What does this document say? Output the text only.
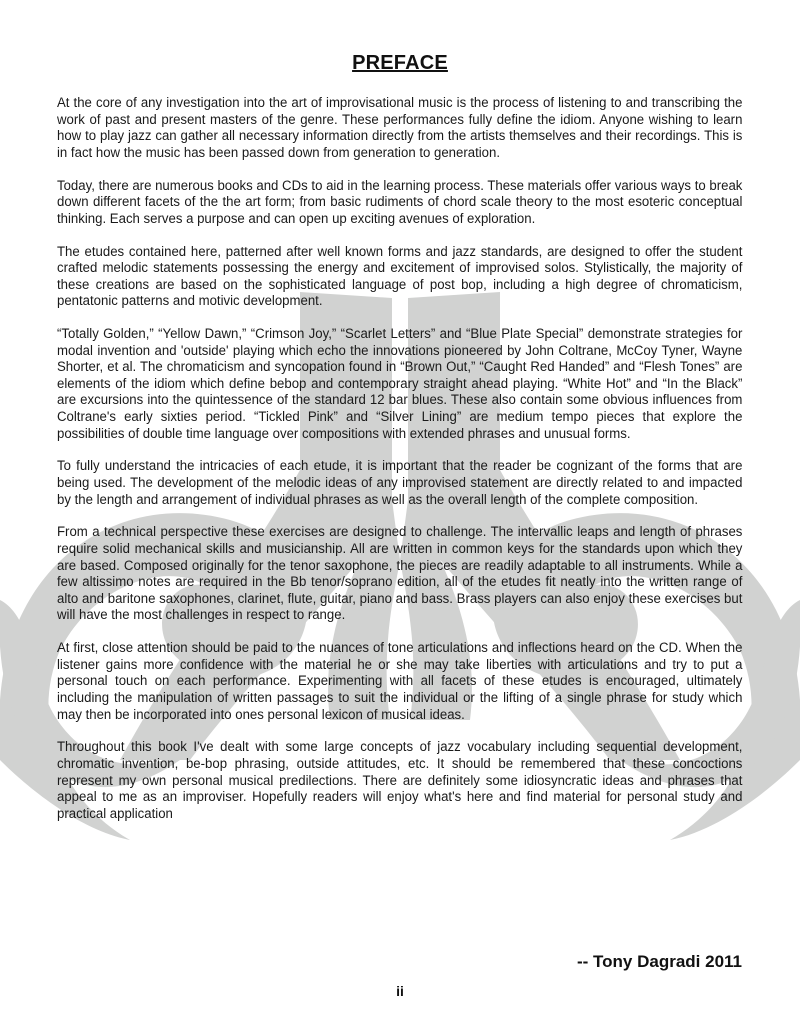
PREFACE

At the core of any investigation into the art of improvisational music is the process of listening to and transcribing the work of past and present masters of the genre. These performances fully define the idiom. Anyone wishing to learn how to play jazz can gather all necessary information directly from the artists themselves and their recordings. This is in fact how the music has been passed down from generation to generation.

Today, there are numerous books and CDs to aid in the learning process. These materials offer various ways to break down different facets of the the art form; from basic rudiments of chord scale theory to the most esoteric conceptual thinking. Each serves a purpose and can open up exciting avenues of exploration.

The etudes contained here, patterned after well known forms and jazz standards, are designed to offer the student crafted melodic statements possessing the energy and excitement of improvised solos. Stylistically, the majority of these creations are based on the sophisticated language of post bop, including a high degree of chromaticism, pentatonic patterns and motivic development.

“Totally Golden,” “Yellow Dawn,” “Crimson Joy,” “Scarlet Letters” and “Blue Plate Special” demonstrate strategies for modal invention and 'outside' playing which echo the innovations pioneered by John Coltrane, McCoy Tyner, Wayne Shorter, et al. The chromaticism and syncopation found in “Brown Out,” “Caught Red Handed” and “Flesh Tones” are elements of the idiom which define bebop and contemporary straight ahead playing. “White Hot” and “In the Black” are excursions into the quintessence of the standard 12 bar blues. These also contain some obvious influences from Coltrane's early sixties period. “Tickled Pink” and “Silver Lining” are medium tempo pieces that explore the possibilities of double time language over compositions with extended phrases and unusual forms.

To fully understand the intricacies of each etude, it is important that the reader be cognizant of the forms that are being used. The development of the melodic ideas of any improvised statement are directly related to and impacted by the length and arrangement of individual phrases as well as the overall length of the complete composition.

From a technical perspective these exercises are designed to challenge. The intervallic leaps and length of phrases require solid mechanical skills and musicianship. All are written in common keys for the standards upon which they are based. Composed originally for the tenor saxophone, the pieces are readily adaptable to all instruments. While a few altissimo notes are required in the Bb tenor/soprano edition, all of the etudes fit neatly into the written range of alto and baritone saxophones, clarinet, flute, guitar, piano and bass. Brass players can also enjoy these exercises but will have the most challenges in respect to range.

At first, close attention should be paid to the nuances of tone articulations and inflections heard on the CD. When the listener gains more confidence with the material he or she may take liberties with articulations and try to put a personal touch on each performance. Experimenting with all facets of these etudes is encouraged, ultimately including the manipulation of written passages to suit the individual or the lifting of a single phrase for study which may then be incorporated into ones personal lexicon of musical ideas.

Throughout this book I've dealt with some large concepts of jazz vocabulary including sequential development, chromatic invention, be-bop phrasing, outside attitudes, etc. It should be remembered that these concoctions represent my own personal musical predilections. There are definitely some idiosyncratic ideas and phrases that appeal to me as an improviser. Hopefully readers will enjoy what's here and find material for personal study and practical application

-- Tony Dagradi 2011
ii
